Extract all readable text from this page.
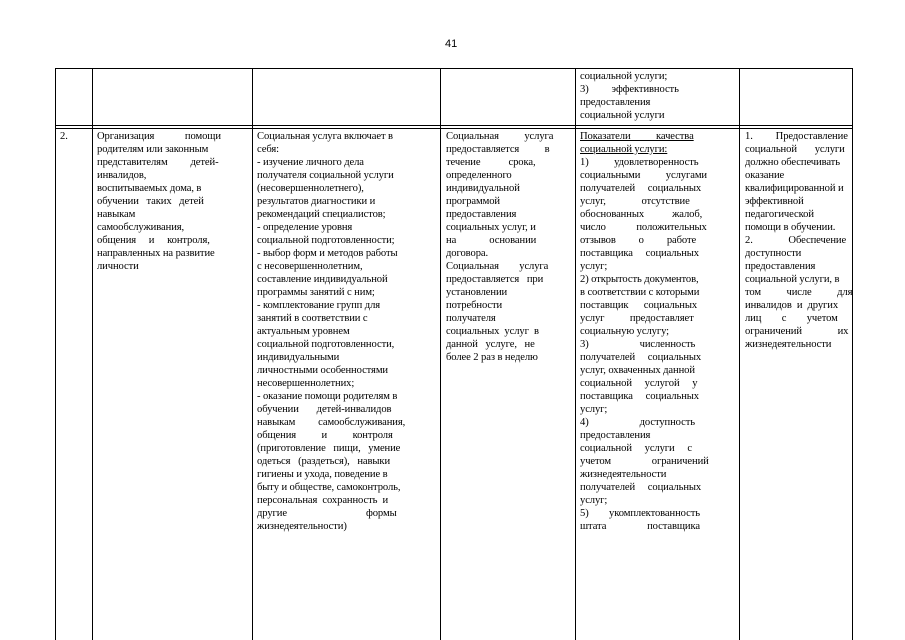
41
социальной услуги;
3)         эффективность
предоставления
социальной услуги
2.	Организация            помощи
родителям или законным
представителям         детей-
инвалидов,
воспитываемых дома, в
обучении   таких   детей
навыкам
самообслуживания,
общения     и     контроля,
направленных на развитие
личности
Социальная услуга включает в
себя:
- изучение личного дела
получателя социальной услуги
(несовершеннолетнего),
результатов диагностики и
рекомендаций специалистов;
- определение уровня
социальной подготовленности;
- выбор форм и методов работы
с несовершеннолетним,
составление индивидуальной
программы занятий с ним;
- комплектование групп для
занятий в соответствии с
актуальным уровнем
социальной подготовленности,
индивидуальными
личностными особенностями
несовершеннолетних;
- оказание помощи родителям в
обучении       детей-инвалидов
навыкам         самообслуживания,
общения          и          контроля
(приготовление   пищи,   умение
одеться   (раздеться),   навыки
гигиены и ухода, поведение в
быту и обществе, самоконтроль,
персональная  сохранность  и
другие                               формы
жизнедеятельности)
Социальная          услуга
предоставляется          в
течение           срока,
определенного
индивидуальной
программой
предоставления
социальных услуг, и
на             основании
договора.
Социальная        услуга
предоставляется   при
установлении
потребности
получателя
социальных  услуг  в
данной   услуге,   не
более 2 раз в неделю
Показатели          качества
социальной услуги:
1)          удовлетворенность
социальными          услугами
получателей     социальных
услуг,              отсутствие
обоснованных           жалоб,
число            положительных
отзывов         о         работе
поставщика     социальных
услуг;
2) открытость документов,
в соответствии с которыми
поставщик      социальных
услуг          предоставляет
социальную услугу;
3)                    численность
получателей     социальных
услуг, охваченных данной
социальной     услугой     у
поставщика     социальных
услуг;
4)                    доступность
предоставления
социальной     услуги     с
учетом                ограничений
жизнедеятельности
получателей     социальных
услуг;
5)        укомплектованность
штата                поставщика
1.         Предоставление
социальной       услуги
должно обеспечивать
оказание
квалифицированной и
эффективной
педагогической
помощи в обучении.
2.              Обеспечение
доступности
предоставления
социальной услуги, в
том          числе          для
инвалидов  и  других
лиц        с        учетом
ограничений              их
жизнедеятельности
